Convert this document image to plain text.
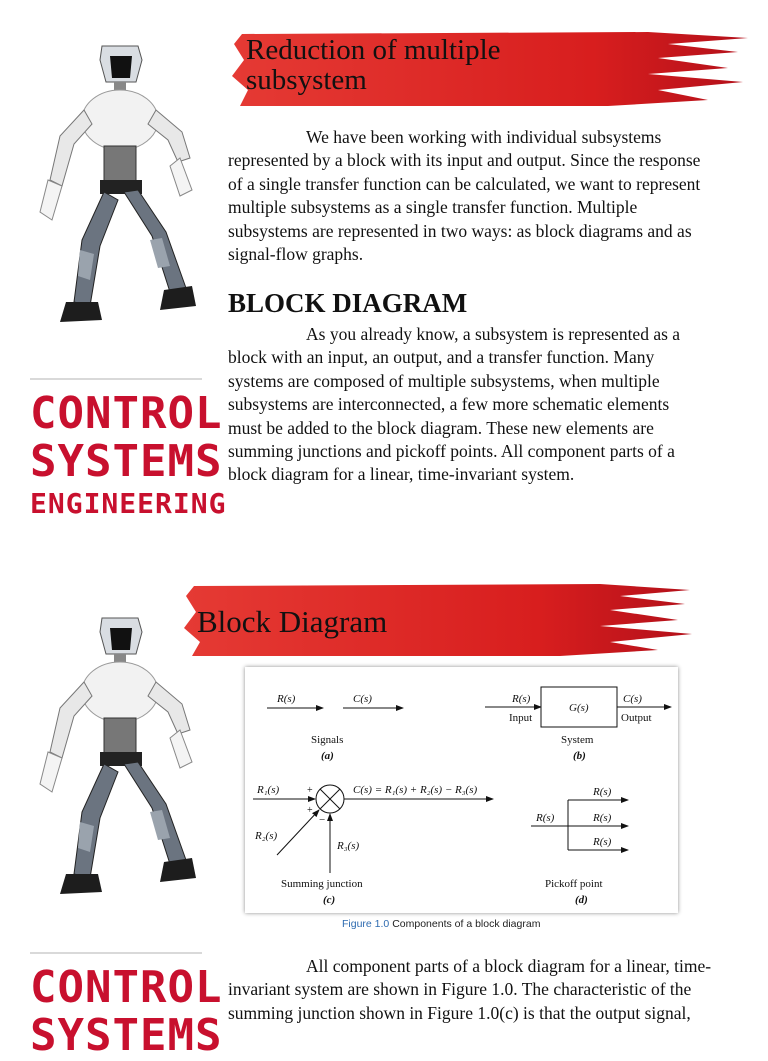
CONTROL
SYSTEMS
ENGINEERING
Reduction of multiple
subsystem
We have been working with individual subsystems
represented by a block with its input and output. Since the response
of a single transfer function can be calculated, we want to represent
multiple subsystems as a single transfer function. Multiple
subsystems are represented in two ways: as block diagrams and as
signal-flow graphs.
BLOCK DIAGRAM
As you already know, a subsystem is represented as a
block with an input, an output, and a transfer function. Many
systems are composed of multiple subsystems, when multiple
subsystems are interconnected, a few more schematic elements
must be added to the block diagram. These new elements are
summing junctions and pickoff points. All component parts of a
block diagram for a linear, time-invariant system.
CONTROL
SYSTEMS
Block Diagram
R(s)	C(s)
Signals
(a)
R(s)
Input
G(s)
C(s)
Output
System
(b)
R₁(s)	+
+
−
R₂(s)
R₃(s)
C(s) = R₁(s) + R₂(s) − R₃(s)
Summing junction
(c)
R(s)
R(s)
R(s)
R(s)
Pickoff point
(d)
Figure 1.0 Components of a block diagram
All component parts of a block diagram for a linear, time-
invariant system are shown in Figure 1.0. The characteristic of the
summing junction shown in Figure 1.0(c) is that the output signal,
